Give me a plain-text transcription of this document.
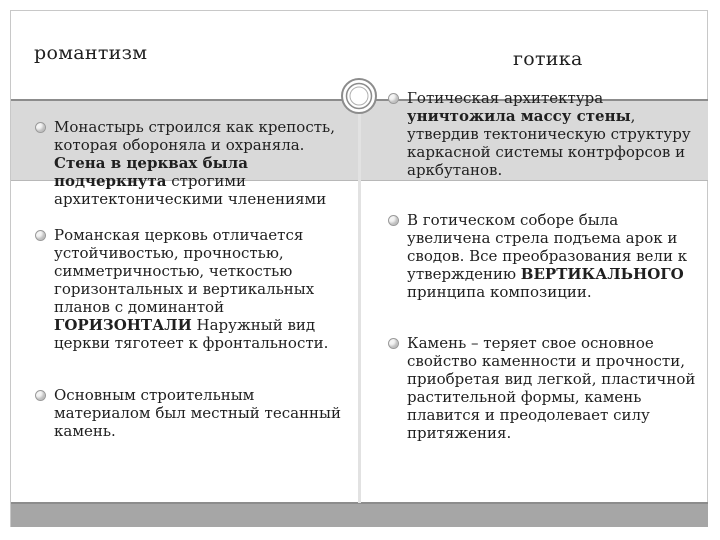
романтизм	готика
Монастырь строился как крепость, которая обороняла и охраняла. Стена в церквах была подчеркнута строгими архитектоническими членениями
Романская церковь отличается устойчивостью, прочностью, симметричностью, четкостью горизонтальных и вертикальных планов с доминантой ГОРИЗОНТАЛИ Наружный вид церкви тяготеет к фронтальности.
Основным строительным материалом был местный тесанный камень.
Готическая архитектура уничтожила массу стены, утвердив тектоническую структуру каркасной системы контрфорсов и аркбутанов.
В готическом соборе была увеличена стрела подъема арок и сводов. Все преобразования вели к утверждению ВЕРТИКАЛЬНОГО принципа композиции.
Камень – теряет свое основное свойство каменности и прочности, приобретая вид легкой, пластичной растительной формы, камень плавится и преодолевает силу притяжения.
